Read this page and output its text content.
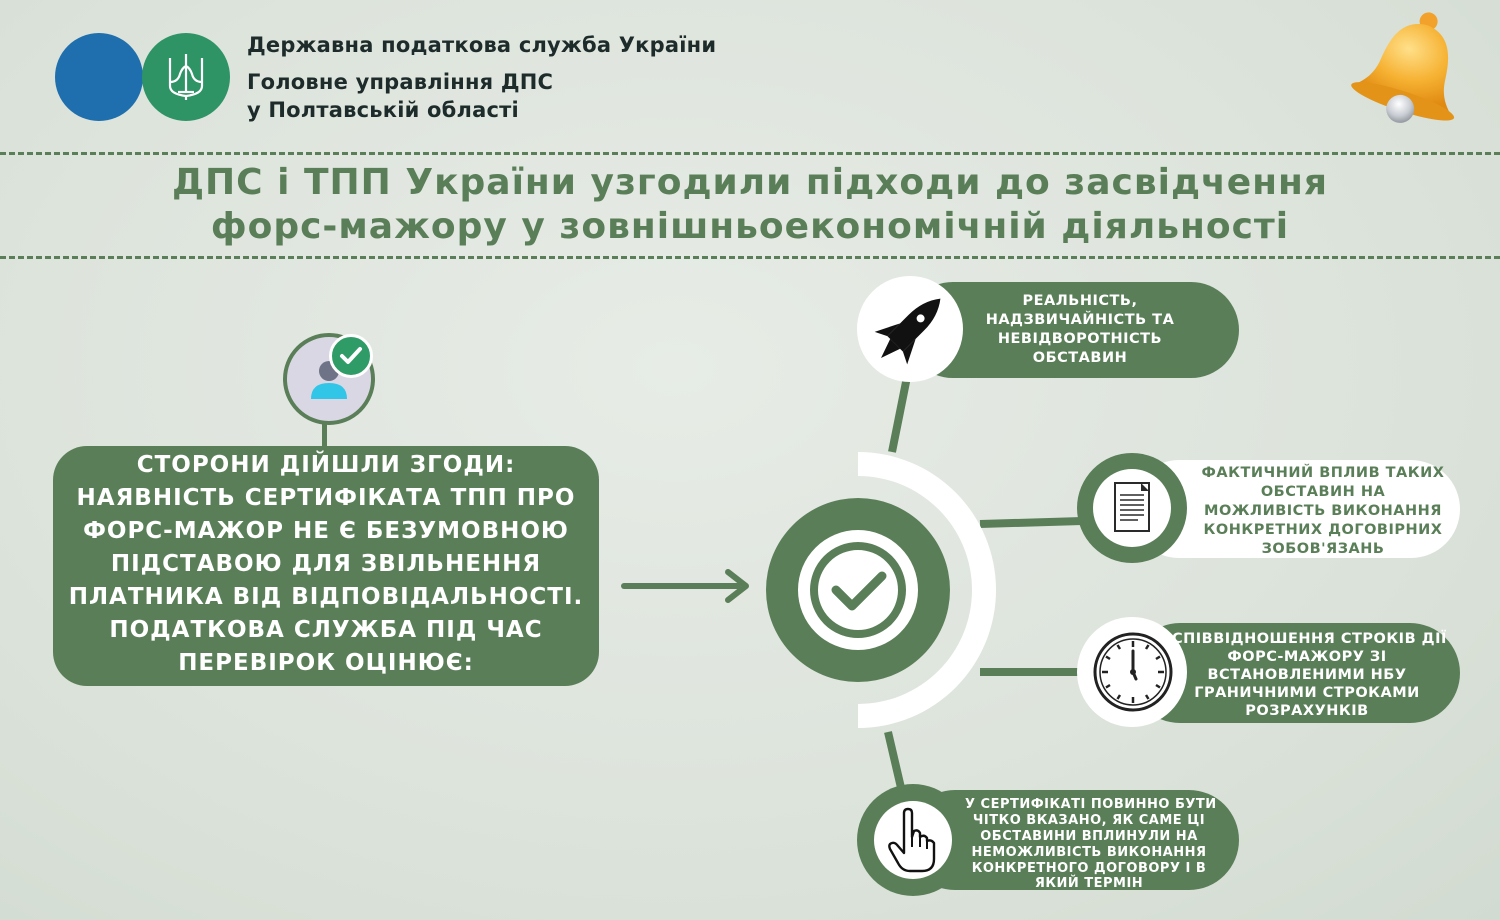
Державна податкова служба України
Головне управління ДПС
у Полтавській області
ДПС і ТПП України узгодили підходи до засвідчення
форс-мажору у зовнішньоекономічній діяльності
СТОРОНИ ДІЙШЛИ ЗГОДИ:
НАЯВНІСТЬ СЕРТИФІКАТА ТПП ПРО
ФОРС-МАЖОР НЕ Є БЕЗУМОВНОЮ
ПІДСТАВОЮ ДЛЯ ЗВІЛЬНЕННЯ
ПЛАТНИКА ВІД ВІДПОВІДАЛЬНОСТІ.
ПОДАТКОВА СЛУЖБА ПІД ЧАС
ПЕРЕВІРОК ОЦІНЮЄ:
РЕАЛЬНІСТЬ,
НАДЗВИЧАЙНІСТЬ ТА
НЕВІДВОРОТНІСТЬ
ОБСТАВИН
ФАКТИЧНИЙ ВПЛИВ ТАКИХ
ОБСТАВИН НА
МОЖЛИВІСТЬ ВИКОНАННЯ
КОНКРЕТНИХ ДОГОВІРНИХ
ЗОБОВ'ЯЗАНЬ
СПІВВІДНОШЕННЯ СТРОКІВ ДІЇ
ФОРС-МАЖОРУ ЗІ
ВСТАНОВЛЕНИМИ НБУ
ГРАНИЧНИМИ СТРОКАМИ
РОЗРАХУНКІВ
У СЕРТИФІКАТІ ПОВИННО БУТИ
ЧІТКО ВКАЗАНО, ЯК САМЕ ЦІ
ОБСТАВИНИ ВПЛИНУЛИ НА
НЕМОЖЛИВІСТЬ ВИКОНАННЯ
КОНКРЕТНОГО ДОГОВОРУ І В
ЯКИЙ ТЕРМІН
